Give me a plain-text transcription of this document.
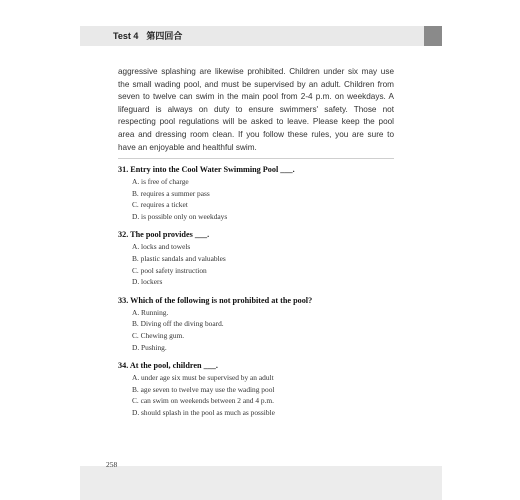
Test 4 第四回合
aggressive splashing are likewise prohibited. Children under six may use the small wading pool, and must be supervised by an adult. Children from seven to twelve can swim in the main pool from 2-4 p.m. on weekdays. A lifeguard is always on duty to ensure swimmers' safety. Those not respecting pool regulations will be asked to leave. Please keep the pool area and dressing room clean. If you follow these rules, you are sure to have an enjoyable and healthful swim.
31. Entry into the Cool Water Swimming Pool ___.
A. is free of charge
B. requires a summer pass
C. requires a ticket
D. is possible only on weekdays
32. The pool provides ___.
A. locks and towels
B. plastic sandals and valuables
C. pool safety instruction
D. lockers
33. Which of the following is not prohibited at the pool?
A. Running.
B. Diving off the diving board.
C. Chewing gum.
D. Pushing.
34. At the pool, children ___.
A. under age six must be supervised by an adult
B. age seven to twelve may use the wading pool
C. can swim on weekends between 2 and 4 p.m.
D. should splash in the pool as much as possible
258
